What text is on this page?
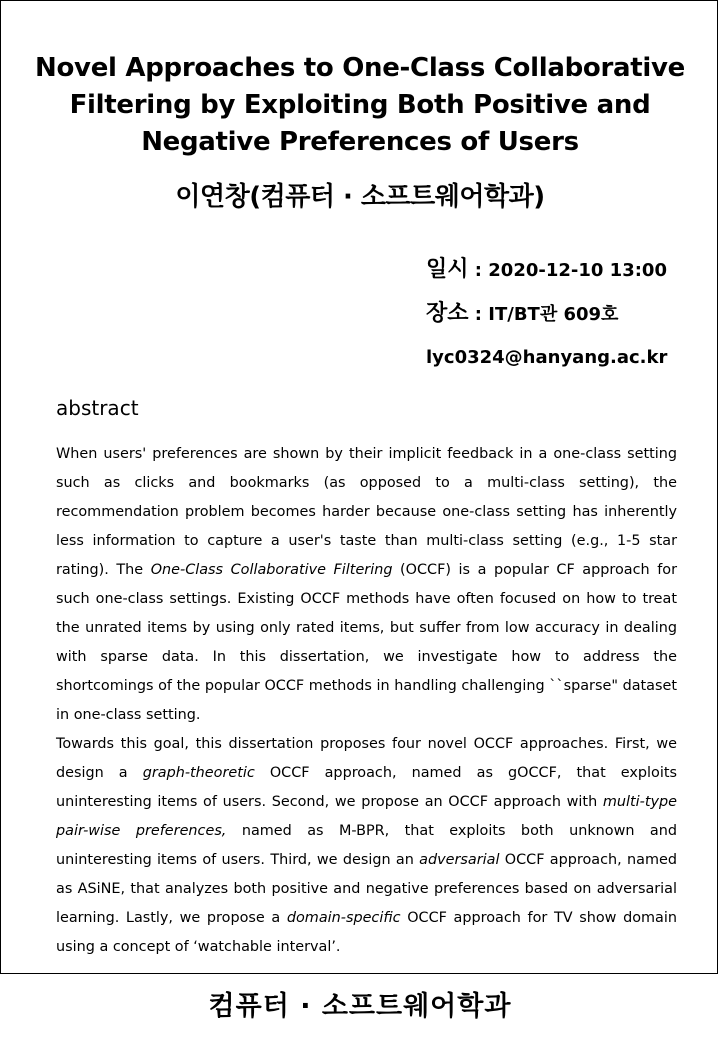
Novel Approaches to One-Class Collaborative Filtering by Exploiting Both Positive and Negative Preferences of Users
이연창(컴퓨터 · 소프트웨어학과)
일시 : 2020-12-10 13:00
장소 : IT/BT관 609호
lyc0324@hanyang.ac.kr
abstract

When users' preferences are shown by their implicit feedback in a one-class setting such as clicks and bookmarks (as opposed to a multi-class setting), the recommendation problem becomes harder because one-class setting has inherently less information to capture a user's taste than multi-class setting (e.g., 1-5 star rating). The One-Class Collaborative Filtering (OCCF) is a popular CF approach for such one-class settings. Existing OCCF methods have often focused on how to treat the unrated items by using only rated items, but suffer from low accuracy in dealing with sparse data. In this dissertation, we investigate how to address the shortcomings of the popular OCCF methods in handling challenging ``sparse" dataset in one-class setting.

Towards this goal, this dissertation proposes four novel OCCF approaches. First, we design a graph-theoretic OCCF approach, named as gOCCF, that exploits uninteresting items of users. Second, we propose an OCCF approach with multi-type pair-wise preferences, named as M-BPR, that exploits both unknown and uninteresting items of users. Third, we design an adversarial OCCF approach, named as ASiNE, that analyzes both positive and negative preferences based on adversarial learning. Lastly, we propose a domain-specific OCCF approach for TV show domain using a concept of ‘watchable interval’.

컴퓨터 · 소프트웨어학과
